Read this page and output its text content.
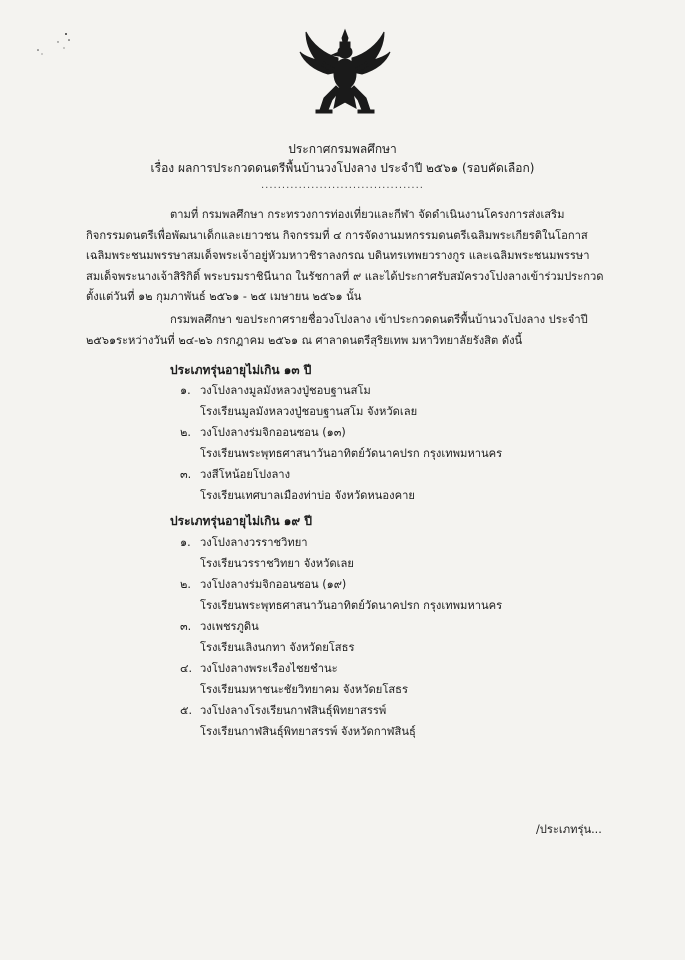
ประกาศกรมพลศึกษา
เรื่อง ผลการประกวดดนตรีพื้นบ้านวงโปงลาง ประจำปี ๒๕๖๑ (รอบคัดเลือก)
.......................................

ตามที่ กรมพลศึกษา กระทรวงการท่องเที่ยวและกีฬา จัดดำเนินงานโครงการส่งเสริม
กิจกรรมดนตรีเพื่อพัฒนาเด็กและเยาวชน กิจกรรมที่ ๔ การจัดงานมหกรรมดนตรีเฉลิมพระเกียรติในโอกาส
เฉลิมพระชนมพรรษาสมเด็จพระเจ้าอยู่หัวมหาวชิราลงกรณ บดินทรเทพยวรางกูร และเฉลิมพระชนมพรรษา
สมเด็จพระนางเจ้าสิริกิติ์ พระบรมราชินีนาถ ในรัชกาลที่ ๙ และได้ประกาศรับสมัครวงโปงลางเข้าร่วมประกวด
ตั้งแต่วันที่ ๑๒ กุมภาพันธ์ ๒๕๖๑ - ๒๕ เมษายน ๒๕๖๑ นั้น

กรมพลศึกษา ขอประกาศรายชื่อวงโปงลาง เข้าประกวดดนตรีพื้นบ้านวงโปงลาง ประจำปี
๒๕๖๑ระหว่างวันที่ ๒๔-๒๖ กรกฎาคม ๒๕๖๑ ณ ศาลาดนตรีสุริยเทพ มหาวิทยาลัยรังสิต ดังนี้

ประเภทรุ่นอายุไม่เกิน ๑๓ ปี
๑. วงโปงลางมูลมังหลวงปู่ชอบฐานสโม
โรงเรียนมูลมังหลวงปู่ชอบฐานสโม จังหวัดเลย
๒. วงโปงลางร่มจิกออนซอน (๑๓)
โรงเรียนพระพุทธศาสนาวันอาทิตย์วัดนาคปรก กรุงเทพมหานคร
๓. วงสีโหน้อยโปงลาง
โรงเรียนเทศบาลเมืองท่าบ่อ จังหวัดหนองคาย
ประเภทรุ่นอายุไม่เกิน ๑๙ ปี
๑. วงโปงลางวรราชวิทยา
โรงเรียนวรราชวิทยา จังหวัดเลย
๒. วงโปงลางร่มจิกออนซอน (๑๙)
โรงเรียนพระพุทธศาสนาวันอาทิตย์วัดนาคปรก กรุงเทพมหานคร
๓. วงเพชรภูดิน
โรงเรียนเลิงนกทา จังหวัดยโสธร
๔. วงโปงลางพระเรืองไชยชำนะ
โรงเรียนมหาชนะชัยวิทยาคม จังหวัดยโสธร
๕. วงโปงลางโรงเรียนกาฬสินธุ์พิทยาสรรพ์
โรงเรียนกาฬสินธุ์พิทยาสรรพ์ จังหวัดกาฬสินธุ์
/ประเภทรุ่น...
